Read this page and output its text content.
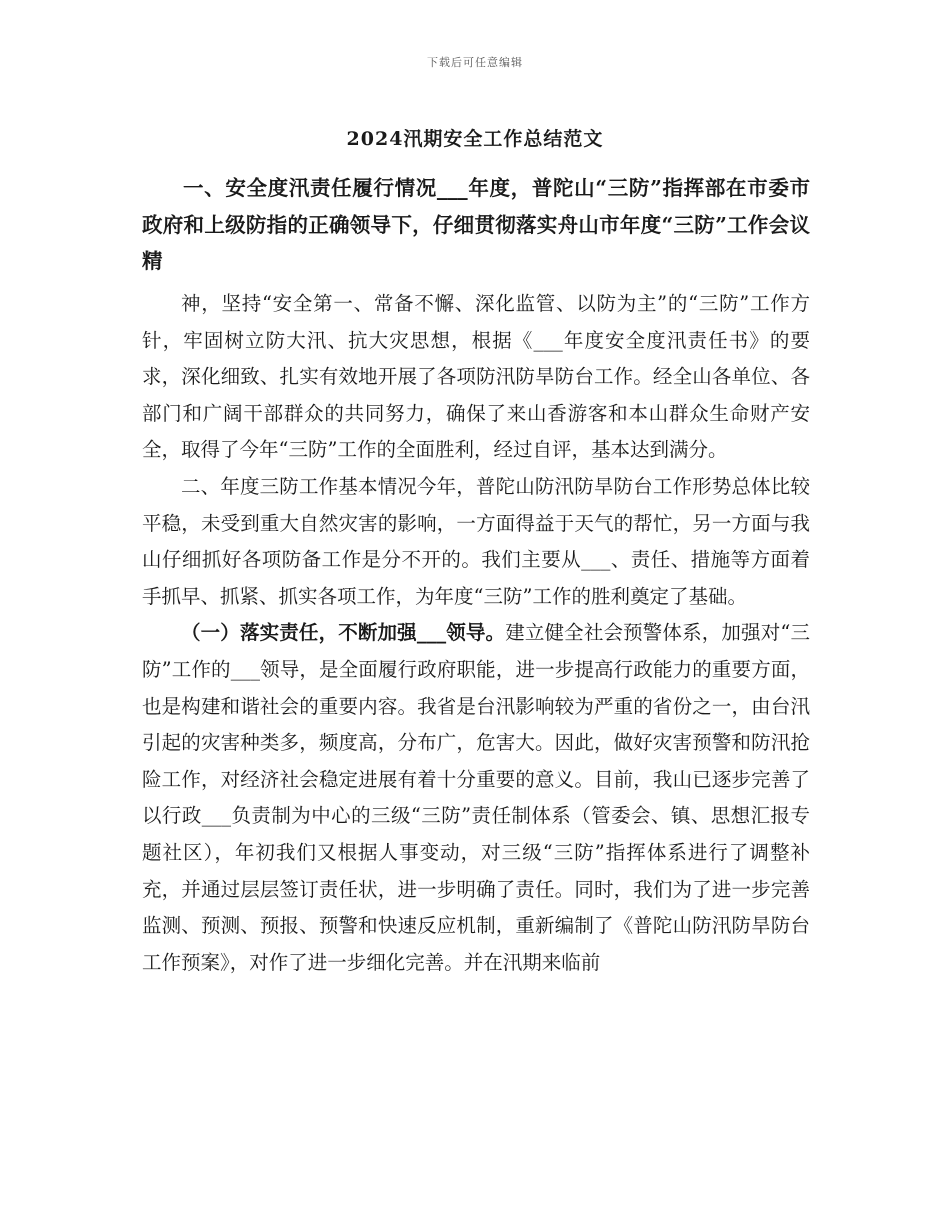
下载后可任意编辑
2024汛期安全工作总结范文

一、安全度汛责任履行情况___年度，普陀山“三防”指挥部在市委市政府和上级防指的正确领导下，仔细贯彻落实舟山市年度“三防”工作会议精

神，坚持“安全第一、常备不懈、深化监管、以防为主”的“三防”工作方针，牢固树立防大汛、抗大灾思想，根据《___年度安全度汛责任书》的要求，深化细致、扎实有效地开展了各项防汛防旱防台工作。经全山各单位、各部门和广阔干部群众的共同努力，确保了来山香游客和本山群众生命财产安全，取得了今年“三防”工作的全面胜利，经过自评，基本达到满分。

二、年度三防工作基本情况今年，普陀山防汛防旱防台工作形势总体比较平稳，未受到重大自然灾害的影响，一方面得益于天气的帮忙，另一方面与我山仔细抓好各项防备工作是分不开的。我们主要从___、责任、措施等方面着手抓早、抓紧、抓实各项工作，为年度“三防”工作的胜利奠定了基础。

（一）落实责任，不断加强___领导。建立健全社会预警体系，加强对“三防”工作的___领导，是全面履行政府职能，进一步提高行政能力的重要方面，也是构建和谐社会的重要内容。我省是台汛影响较为严重的省份之一，由台汛引起的灾害种类多，频度高，分布广，危害大。因此，做好灾害预警和防汛抢险工作，对经济社会稳定进展有着十分重要的意义。目前，我山已逐步完善了以行政___负责制为中心的三级“三防”责任制体系（管委会、镇、思想汇报专题社区），年初我们又根据人事变动，对三级“三防”指挥体系进行了调整补充，并通过层层签订责任状，进一步明确了责任。同时，我们为了进一步完善监测、预测、预报、预警和快速反应机制，重新编制了《普陀山防汛防旱防台工作预案》，对作了进一步细化完善。并在汛期来临前
